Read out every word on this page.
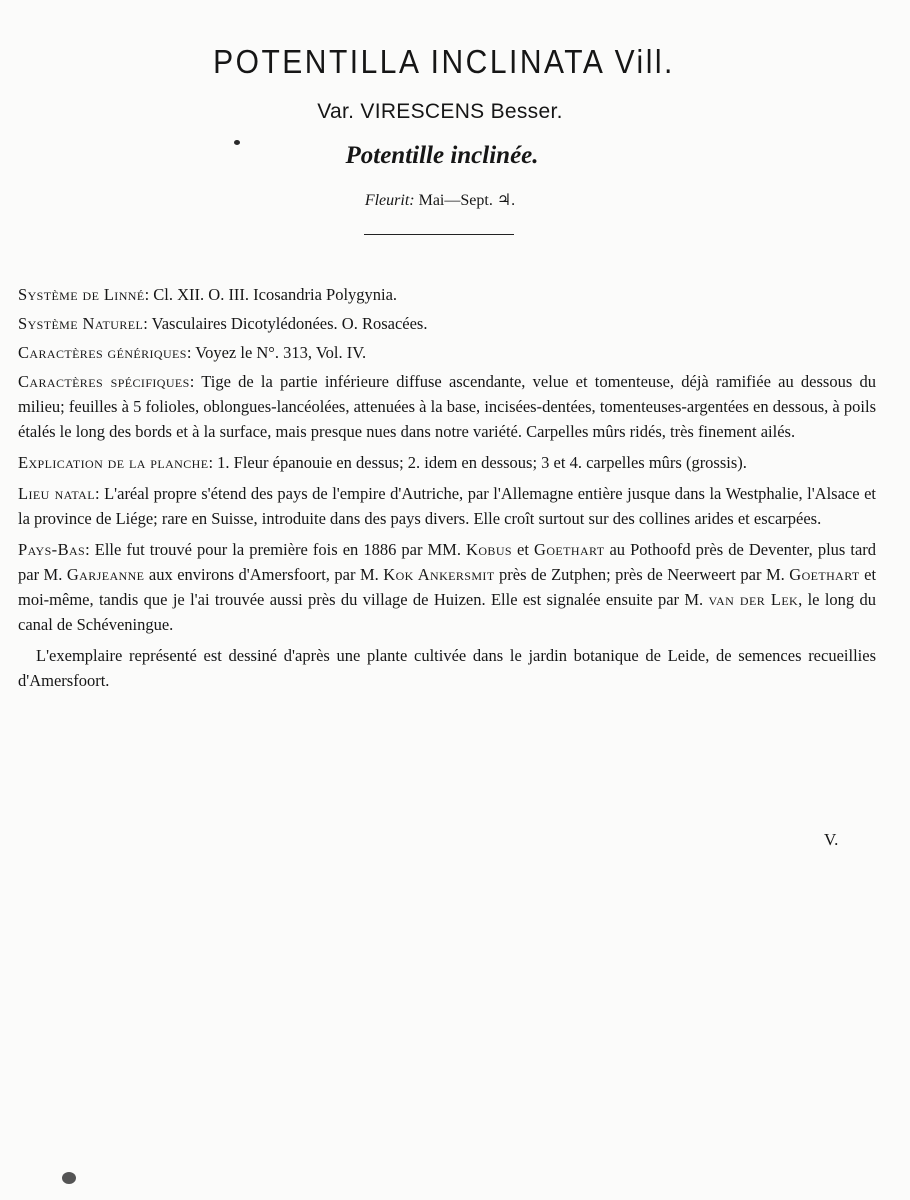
POTENTILLA INCLINATA Vill.
Var. VIRESCENS Besser.
Potentille inclinée.
Fleurit: Mai—Sept. ♃.

Système de Linné: Cl. XII. O. III. Icosandria Polygynia.

Système Naturel: Vasculaires Dicotylédonées. O. Rosacées.

Caractères génériques: Voyez le N°. 313, Vol. IV.

Caractères spécifiques: Tige de la partie inférieure diffuse ascendante, velue et tomenteuse, déjà ramifiée au dessous du milieu; feuilles à 5 folioles, oblongues-lancéolées, attenuées à la base, incisées-dentées, tomenteuses-argentées en dessous, à poils étalés le long des bords et à la surface, mais presque nues dans notre variété. Carpelles mûrs ridés, très finement ailés.

Explication de la planche: 1. Fleur épanouie en dessus; 2. idem en dessous; 3 et 4. carpelles mûrs (grossis).

Lieu natal: L'aréal propre s'étend des pays de l'empire d'Autriche, par l'Allemagne entière jusque dans la Westphalie, l'Alsace et la province de Liége; rare en Suisse, introduite dans des pays divers. Elle croît surtout sur des collines arides et escarpées.

Pays-Bas: Elle fut trouvé pour la première fois en 1886 par MM. Kobus et Goethart au Pothoofd près de Deventer, plus tard par M. Garjeanne aux environs d'Amersfoort, par M. Kok Ankersmit près de Zutphen; près de Neerweert par M. Goethart et moi-même, tandis que je l'ai trouvée aussi près du village de Huizen. Elle est signalée ensuite par M. van der Lek, le long du canal de Schéveningue.

L'exemplaire représenté est dessiné d'après une plante cultivée dans le jardin botanique de Leide, de semences recueillies d'Amersfoort.

V.
